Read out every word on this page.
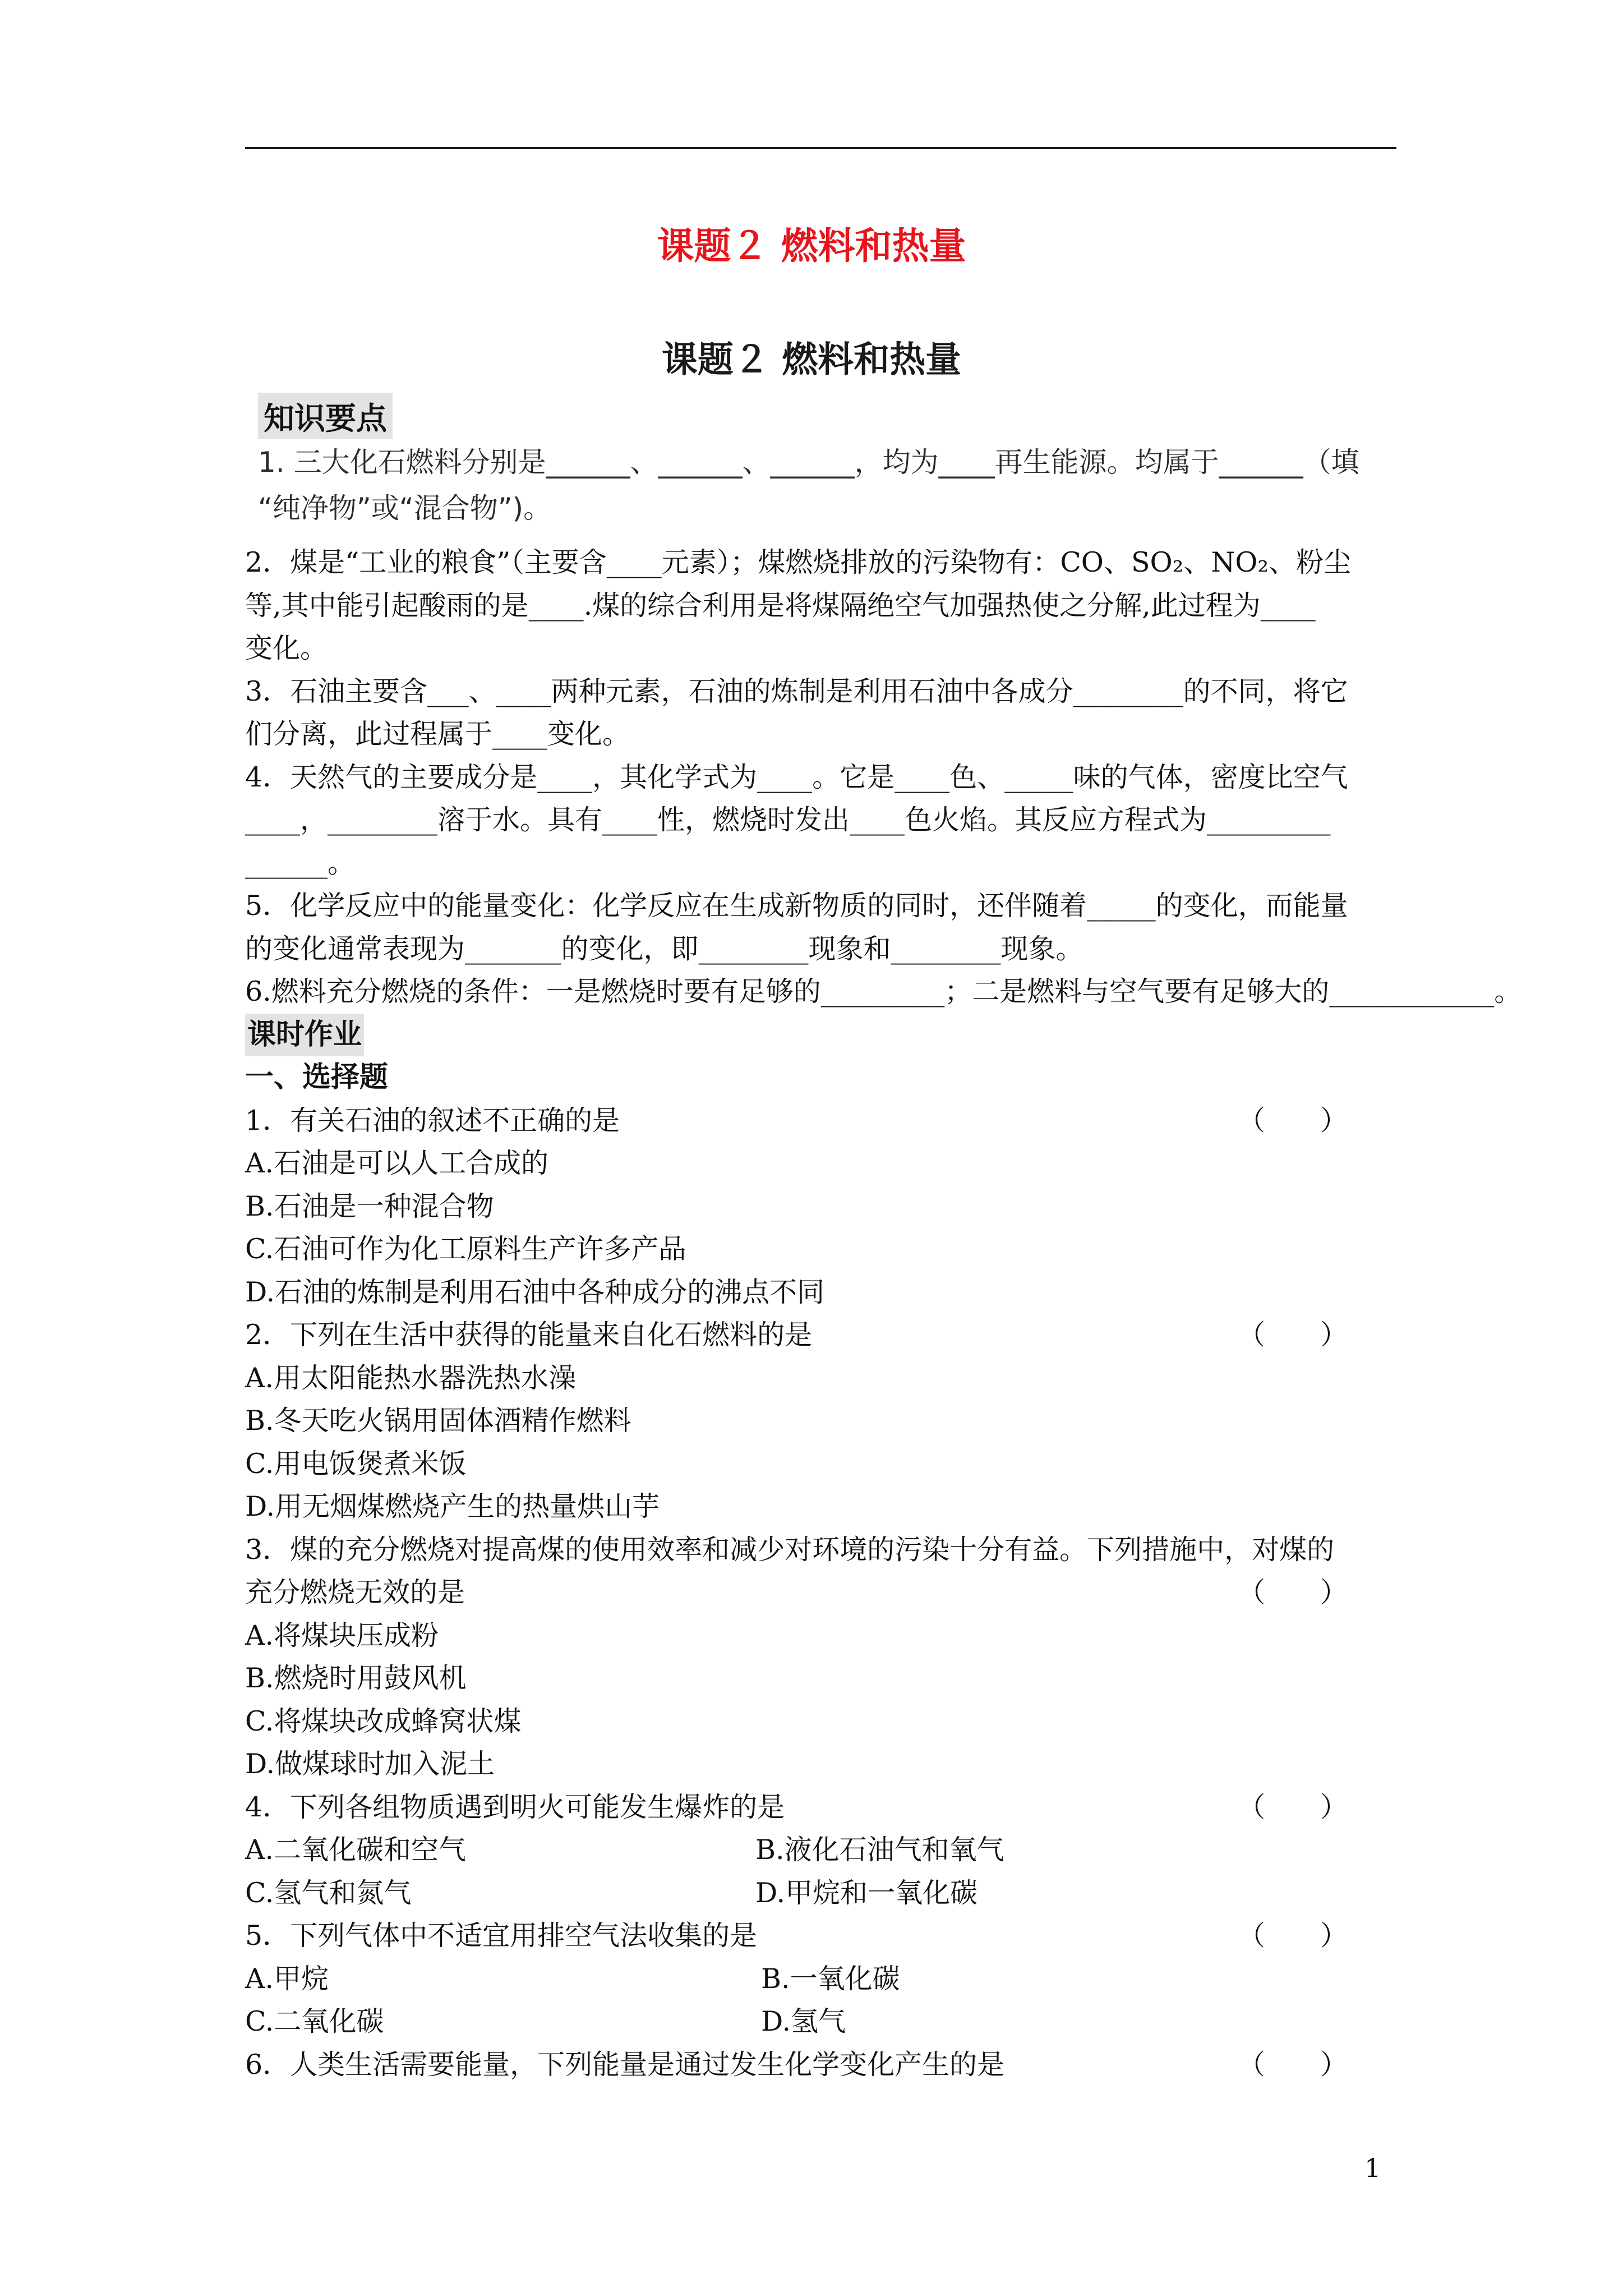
课题２ 燃料和热量
课题２ 燃料和热量
知识要点
1. 三大化石燃料分别是______、______、______，均为____再生能源。均属于______（填
“纯净物”或“混合物”)。
2．煤是“工业的粮食”（主要含____元素）；煤燃烧排放的污染物有：CO、SO₂、NO₂、粉尘
等,其中能引起酸雨的是____.煤的综合利用是将煤隔绝空气加强热使之分解,此过程为____
变化。
3．石油主要含___、____两种元素，石油的炼制是利用石油中各成分________的不同，将它
们分离，此过程属于____变化。
4．天然气的主要成分是____，其化学式为____。它是____色、_____味的气体，密度比空气
____，________溶于水。具有____性，燃烧时发出____色火焰。其反应方程式为_________
______。
5．化学反应中的能量变化：化学反应在生成新物质的同时，还伴随着_____的变化，而能量
的变化通常表现为_______的变化，即________现象和________现象。
6.燃料充分燃烧的条件：一是燃烧时要有足够的_________；二是燃料与空气要有足够大的____________。
课时作业
一、选择题
1．有关石油的叙述不正确的是	（　　）
A.石油是可以人工合成的
B.石油是一种混合物
C.石油可作为化工原料生产许多产品
D.石油的炼制是利用石油中各种成分的沸点不同
2．下列在生活中获得的能量来自化石燃料的是	（　　）
A.用太阳能热水器洗热水澡
B.冬天吃火锅用固体酒精作燃料
C.用电饭煲煮米饭
D.用无烟煤燃烧产生的热量烘山芋
3．煤的充分燃烧对提高煤的使用效率和减少对环境的污染十分有益。下列措施中，对煤的
充分燃烧无效的是	（　　）
A.将煤块压成粉
B.燃烧时用鼓风机
C.将煤块改成蜂窝状煤
D.做煤球时加入泥土
4．下列各组物质遇到明火可能发生爆炸的是	（　　）
A.二氧化碳和空气	B.液化石油气和氧气
C.氢气和氮气	D.甲烷和一氧化碳
5．下列气体中不适宜用排空气法收集的是	（　　）
A.甲烷	B.一氧化碳
C.二氧化碳	D.氢气
6．人类生活需要能量，下列能量是通过发生化学变化产生的是	（　　）
1
